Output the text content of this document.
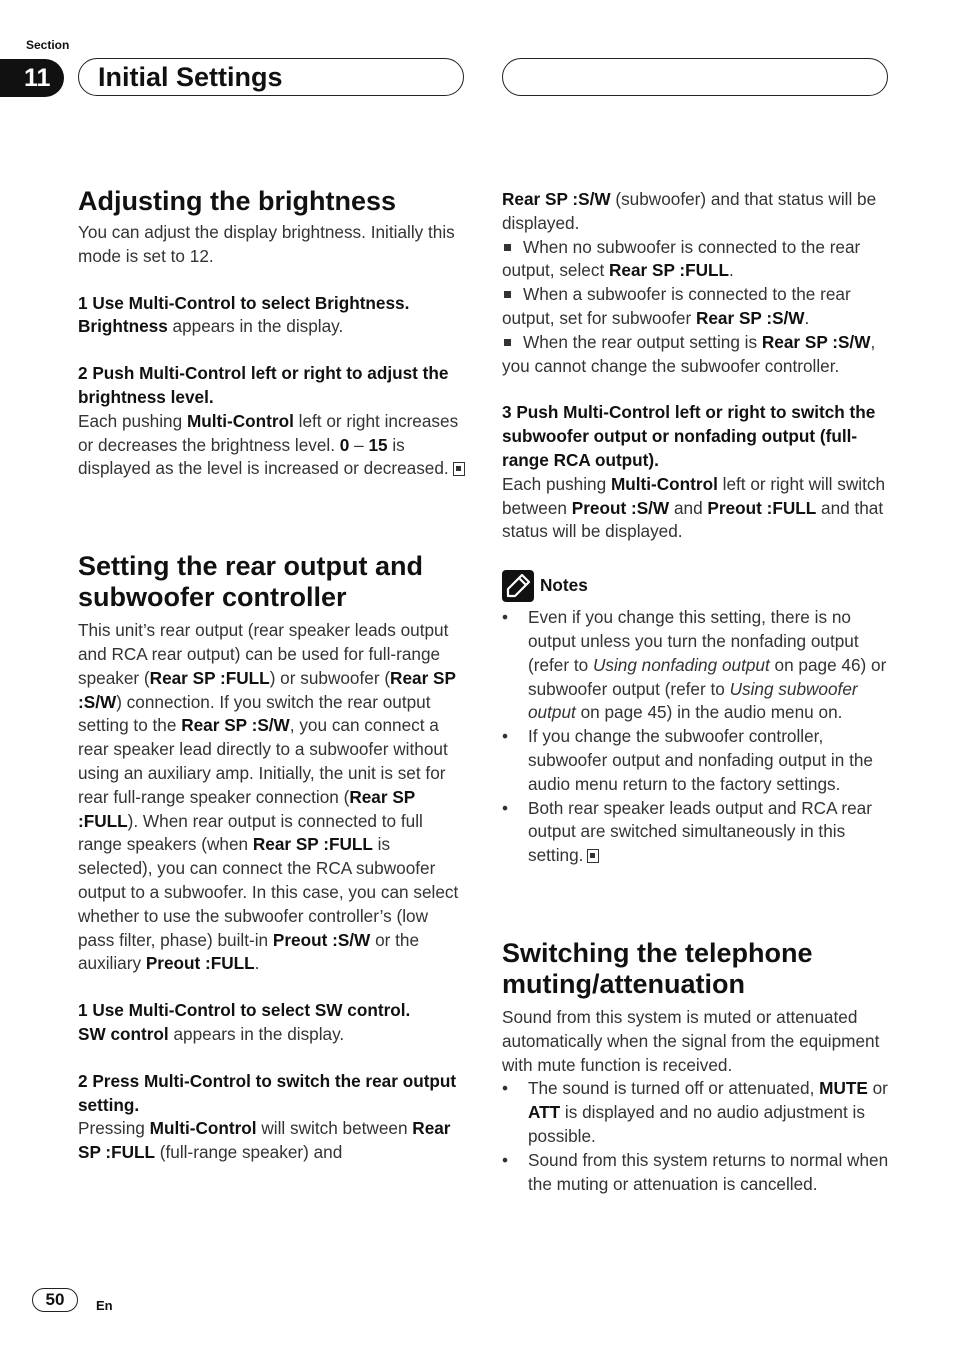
Section
11	Initial Settings
Adjusting the brightness

You can adjust the display brightness. Initially this mode is set to 12.

1 Use Multi-Control to select Brightness.

Brightness appears in the display.

2 Push Multi-Control left or right to adjust the brightness level.

Each pushing Multi-Control left or right increases or decreases the brightness level. 0 – 15 is displayed as the level is increased or decreased.

Setting the rear output and subwoofer controller

This unit’s rear output (rear speaker leads output and RCA rear output) can be used for full-range speaker (Rear SP :FULL) or subwoofer (Rear SP :S/W) connection. If you switch the rear output setting to the Rear SP :S/W, you can connect a rear speaker lead directly to a subwoofer without using an auxiliary amp. Initially, the unit is set for rear full-range speaker connection (Rear SP :FULL). When rear output is connected to full range speakers (when Rear SP :FULL is selected), you can connect the RCA subwoofer output to a subwoofer. In this case, you can select whether to use the subwoofer controller’s (low pass filter, phase) built-in Preout :S/W or the auxiliary Preout :FULL.

1 Use Multi-Control to select SW control.

SW control appears in the display.

2 Press Multi-Control to switch the rear output setting.

Pressing Multi-Control will switch between Rear SP :FULL (full-range speaker) and

Rear SP :S/W (subwoofer) and that status will be displayed.

When no subwoofer is connected to the rear output, select Rear SP :FULL.

When a subwoofer is connected to the rear output, set for subwoofer Rear SP :S/W.

When the rear output setting is Rear SP :S/W, you cannot change the subwoofer controller.

3 Push Multi-Control left or right to switch the subwoofer output or nonfading output (full-range RCA output).

Each pushing Multi-Control left or right will switch between Preout :S/W and Preout :FULL and that status will be displayed.

Notes

• Even if you change this setting, there is no output unless you turn the nonfading output (refer to Using nonfading output on page 46) or subwoofer output (refer to Using subwoofer output on page 45) in the audio menu on.

• If you change the subwoofer controller, subwoofer output and nonfading output in the audio menu return to the factory settings.

• Both rear speaker leads output and RCA rear output are switched simultaneously in this setting.

Switching the telephone muting/attenuation

Sound from this system is muted or attenuated automatically when the signal from the equipment with mute function is received.

• The sound is turned off or attenuated, MUTE or ATT is displayed and no audio adjustment is possible.

• Sound from this system returns to normal when the muting or attenuation is cancelled.

50	En
